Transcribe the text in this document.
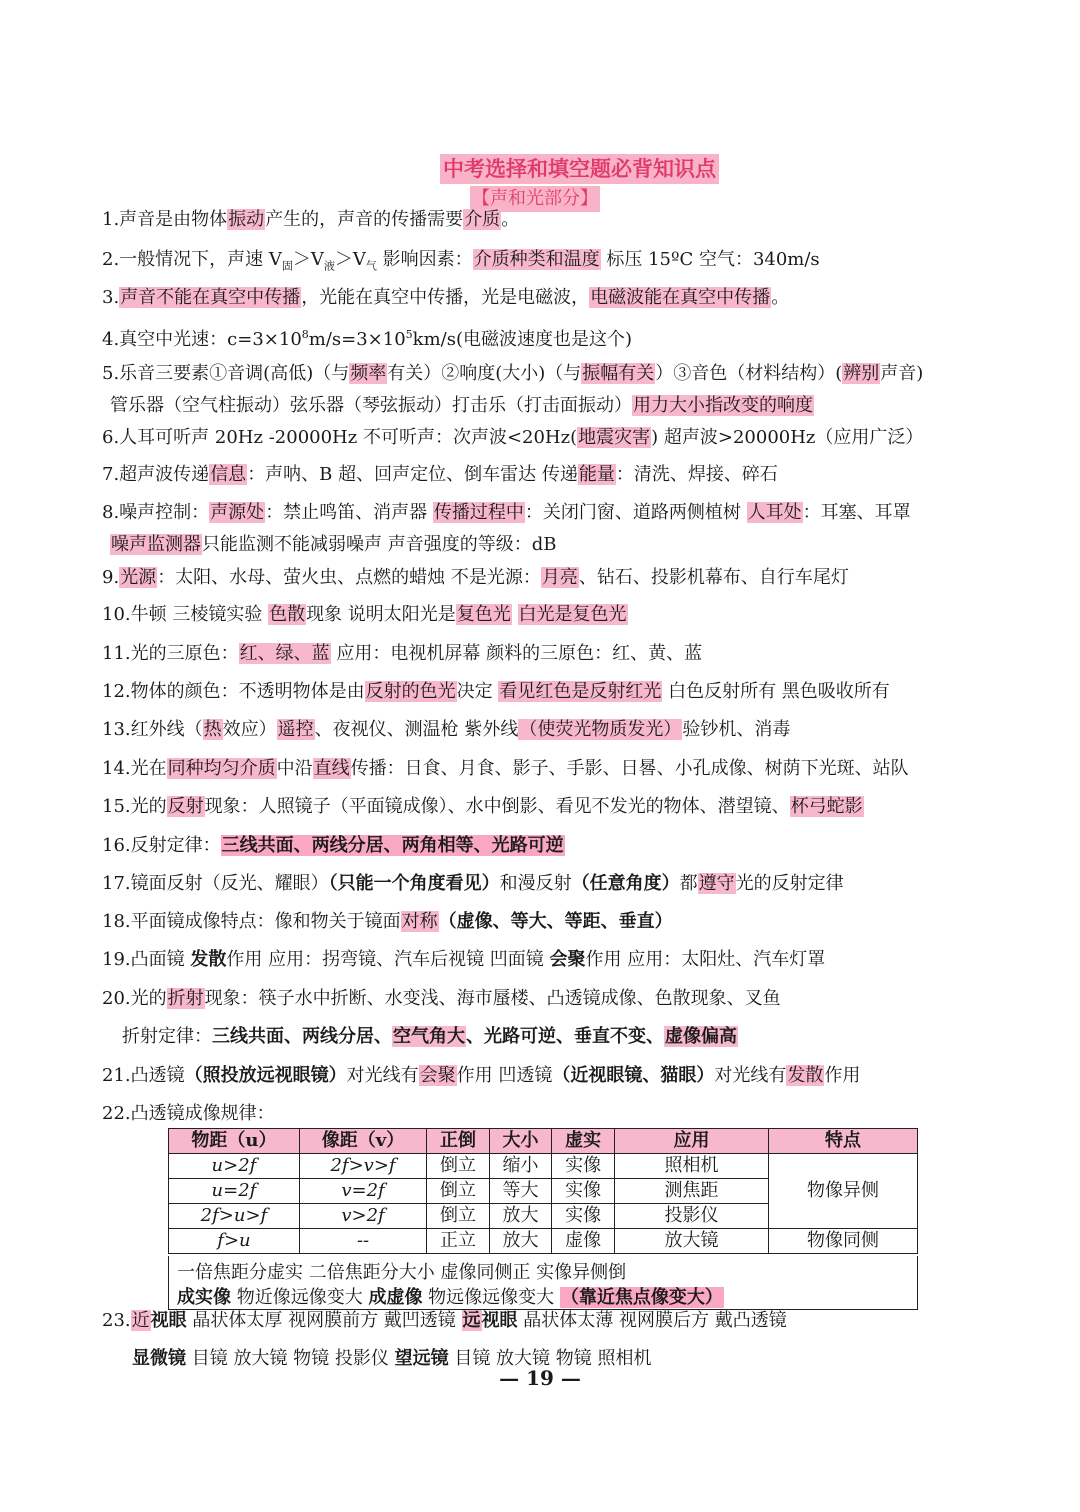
中考选择和填空题必背知识点
【声和光部分】
1.声音是由物体振动产生的，声音的传播需要介质。
2.一般情况下，声速 $V_固>V_液>V_气$ 影响因素：介质种类和温度 标压 15ºC 空气：340m/s
3.声音不能在真空中传播，光能在真空中传播，光是电磁波，电磁波能在真空中传播。
4.真空中光速：$c=3\times 10^8m/s=3\times 10^5km/s$(电磁波速度也是这个)
5.乐音三要素①音调(高低)（与频率有关）②响度(大小)（与振幅有关）③音色（材料结构）(辨别声音)
管乐器（空气柱振动）弦乐器（琴弦振动）打击乐（打击面振动）用力大小指改变的响度
6.人耳可听声 20Hz -20000Hz 不可听声：次声波<20Hz(地震灾害) 超声波>20000Hz（应用广泛）
7.超声波传递信息：声呐、B 超、回声定位、倒车雷达 传递能量：清洗、焊接、碎石
8.噪声控制：声源处：禁止鸣笛、消声器 传播过程中：关闭门窗、道路两侧植树 人耳处：耳塞、耳罩
噪声监测器只能监测不能减弱噪声 声音强度的等级：dB
9.光源：太阳、水母、萤火虫、点燃的蜡烛 不是光源：月亮、钻石、投影机幕布、自行车尾灯
10.牛顿 三棱镜实验 色散现象 说明太阳光是复色光 白光是复色光
11.光的三原色：红、绿、蓝 应用：电视机屏幕 颜料的三原色：红、黄、蓝
12.物体的颜色：不透明物体是由反射的色光决定 看见红色是反射红光 白色反射所有 黑色吸收所有
13.红外线（热效应）遥控、夜视仪、测温枪 紫外线（使荧光物质发光）验钞机、消毒
14.光在同种均匀介质中沿直线传播：日食、月食、影子、手影、日晷、小孔成像、树荫下光斑、站队
15.光的反射现象：人照镜子（平面镜成像）、水中倒影、看见不发光的物体、潜望镜、杯弓蛇影
16.反射定律：三线共面、两线分居、两角相等、光路可逆
17.镜面反射（反光、耀眼）（只能一个角度看见）和漫反射（任意角度）都遵守光的反射定律
18.平面镜成像特点：像和物关于镜面对称（虚像、等大、等距、垂直）
19.凸面镜 发散作用 应用：拐弯镜、汽车后视镜 凹面镜 会聚作用 应用：太阳灶、汽车灯罩
20.光的折射现象：筷子水中折断、水变浅、海市蜃楼、凸透镜成像、色散现象、叉鱼
折射定律：三线共面、两线分居、空气角大、光路可逆、垂直不变、虚像偏高
21.凸透镜（照投放远视眼镜）对光线有会聚作用 凹透镜（近视眼镜、猫眼）对光线有发散作用
22.凸透镜成像规律：
物距（u）	像距（v）	正倒	大小	虚实	应用	特点
u>2f	2f>v>f	倒立	缩小	实像	照相机	物像异侧
u=2f	v=2f	倒立	等大	实像	测焦距	
2f>u>f	v>2f	倒立	放大	实像	投影仪	
f>u	--	正立	放大	虚像	放大镜	物像同侧
一倍焦距分虚实 二倍焦距分大小 虚像同侧正 实像异侧倒
成实像 物近像远像变大 成虚像 物远像远像变大 （靠近焦点像变大）
23.近视眼 晶状体太厚 视网膜前方 戴凹透镜 远视眼 晶状体太薄 视网膜后方 戴凸透镜
显微镜 目镜 放大镜 物镜 投影仪 望远镜 目镜 放大镜 物镜 照相机
— 19 —
